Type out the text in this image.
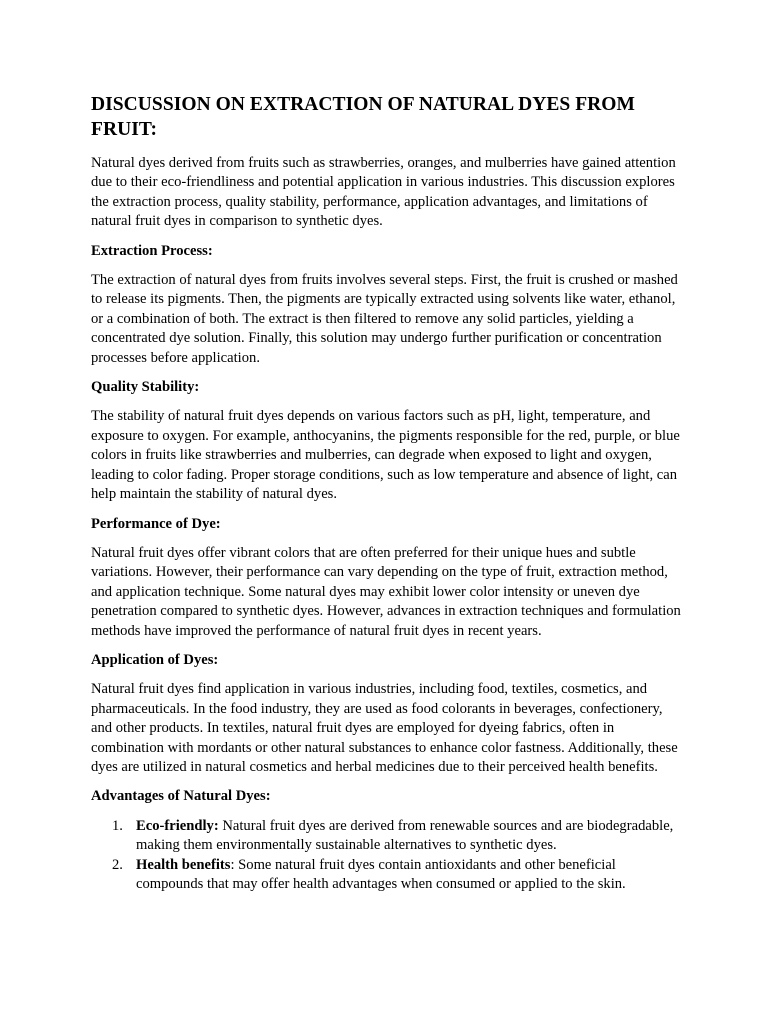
DISCUSSION ON EXTRACTION OF NATURAL DYES FROM FRUIT:

Natural dyes derived from fruits such as strawberries, oranges, and mulberries have gained attention due to their eco-friendliness and potential application in various industries. This discussion explores the extraction process, quality stability, performance, application advantages, and limitations of natural fruit dyes in comparison to synthetic dyes.

Extraction Process:

The extraction of natural dyes from fruits involves several steps. First, the fruit is crushed or mashed to release its pigments. Then, the pigments are typically extracted using solvents like water, ethanol, or a combination of both. The extract is then filtered to remove any solid particles, yielding a concentrated dye solution. Finally, this solution may undergo further purification or concentration processes before application.

Quality Stability:

The stability of natural fruit dyes depends on various factors such as pH, light, temperature, and exposure to oxygen. For example, anthocyanins, the pigments responsible for the red, purple, or blue colors in fruits like strawberries and mulberries, can degrade when exposed to light and oxygen, leading to color fading. Proper storage conditions, such as low temperature and absence of light, can help maintain the stability of natural dyes.

Performance of Dye:

Natural fruit dyes offer vibrant colors that are often preferred for their unique hues and subtle variations. However, their performance can vary depending on the type of fruit, extraction method, and application technique. Some natural dyes may exhibit lower color intensity or uneven dye penetration compared to synthetic dyes. However, advances in extraction techniques and formulation methods have improved the performance of natural fruit dyes in recent years.

Application of Dyes:

Natural fruit dyes find application in various industries, including food, textiles, cosmetics, and pharmaceuticals. In the food industry, they are used as food colorants in beverages, confectionery, and other products. In textiles, natural fruit dyes are employed for dyeing fabrics, often in combination with mordants or other natural substances to enhance color fastness. Additionally, these dyes are utilized in natural cosmetics and herbal medicines due to their perceived health benefits.

Advantages of Natural Dyes:
1. Eco-friendly: Natural fruit dyes are derived from renewable sources and are biodegradable, making them environmentally sustainable alternatives to synthetic dyes.
2. Health benefits: Some natural fruit dyes contain antioxidants and other beneficial compounds that may offer health advantages when consumed or applied to the skin.
